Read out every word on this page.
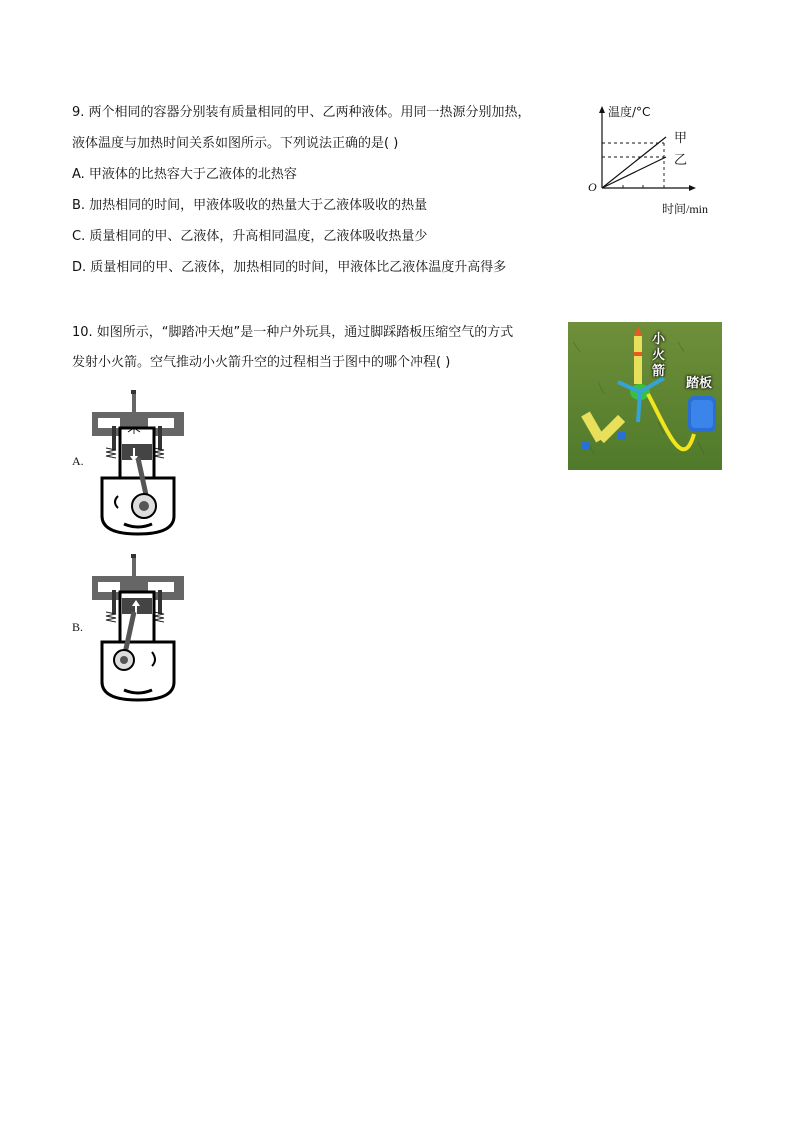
9. 两个相同的容器分别装有质量相同的甲、乙两种液体。用同一热源分别加热，
液体温度与加热时间关系如图所示。下列说法正确的是( )
A. 甲液体的比热容大于乙液体的北热容
B. 加热相同的时间，甲液体吸收的热量大于乙液体吸收的热量
C. 质量相同的甲、乙液体，升高相同温度，乙液体吸收热量少
D. 质量相同的甲、乙液体，加热相同的时间，甲液体比乙液体温度升高得多
温度/°C
时间/min
O
甲
乙
10. 如图所示，“脚踏冲天炮”是一种户外玩具，通过脚踩踏板压缩空气的方式
发射小火箭。空气推动小火箭升空的过程相当于图中的哪个冲程( )
小
火
箭
踏板
A.
B.
